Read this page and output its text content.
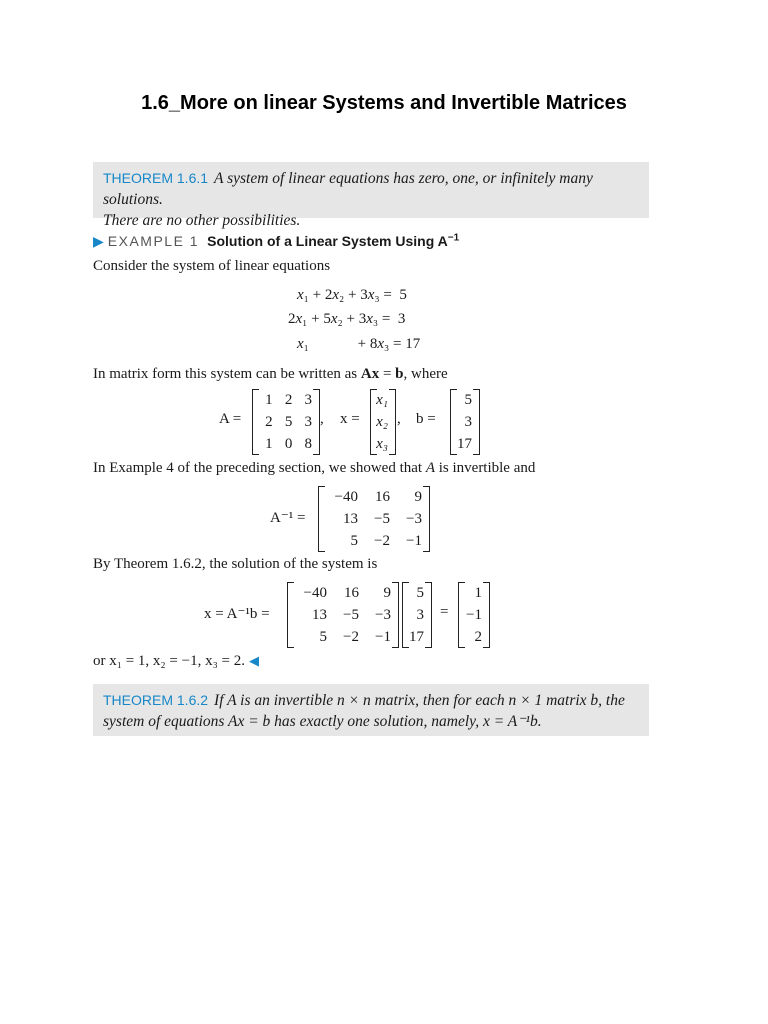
1.6_More on linear Systems and Invertible Matrices
THEOREM 1.6.1 A system of linear equations has zero, one, or infinitely many solutions.
There are no other possibilities.
▶ EXAMPLE 1 Solution of a Linear System Using $A^{-1}$
Consider the system of linear equations
x₁ + 2x₂ + 3x₃ =  5
2x₁ + 5x₂ + 3x₃ =  3
x₁             + 8x₃ = 17
In matrix form this system can be written as Ax = b, where
A =
1 2 3
2 5 3
1 0 8
, x =
x₁
x₂
x₃
, b =
5
3
17
In Example 4 of the preceding section, we showed that A is invertible and
A⁻¹ =
−40	16	9
13	−5	−3
5	−2	−1
By Theorem 1.6.2, the solution of the system is
x = A⁻¹b =
−40	16	9
13	−5	−3
5	−2	−1
5
3
17
=
1
−1
2
or x₁ = 1, x₂ = −1, x₃ = 2. ◀
THEOREM 1.6.2 If A is an invertible n × n matrix, then for each n × 1 matrix b, the
system of equations Ax = b has exactly one solution, namely, x = A⁻¹b.
